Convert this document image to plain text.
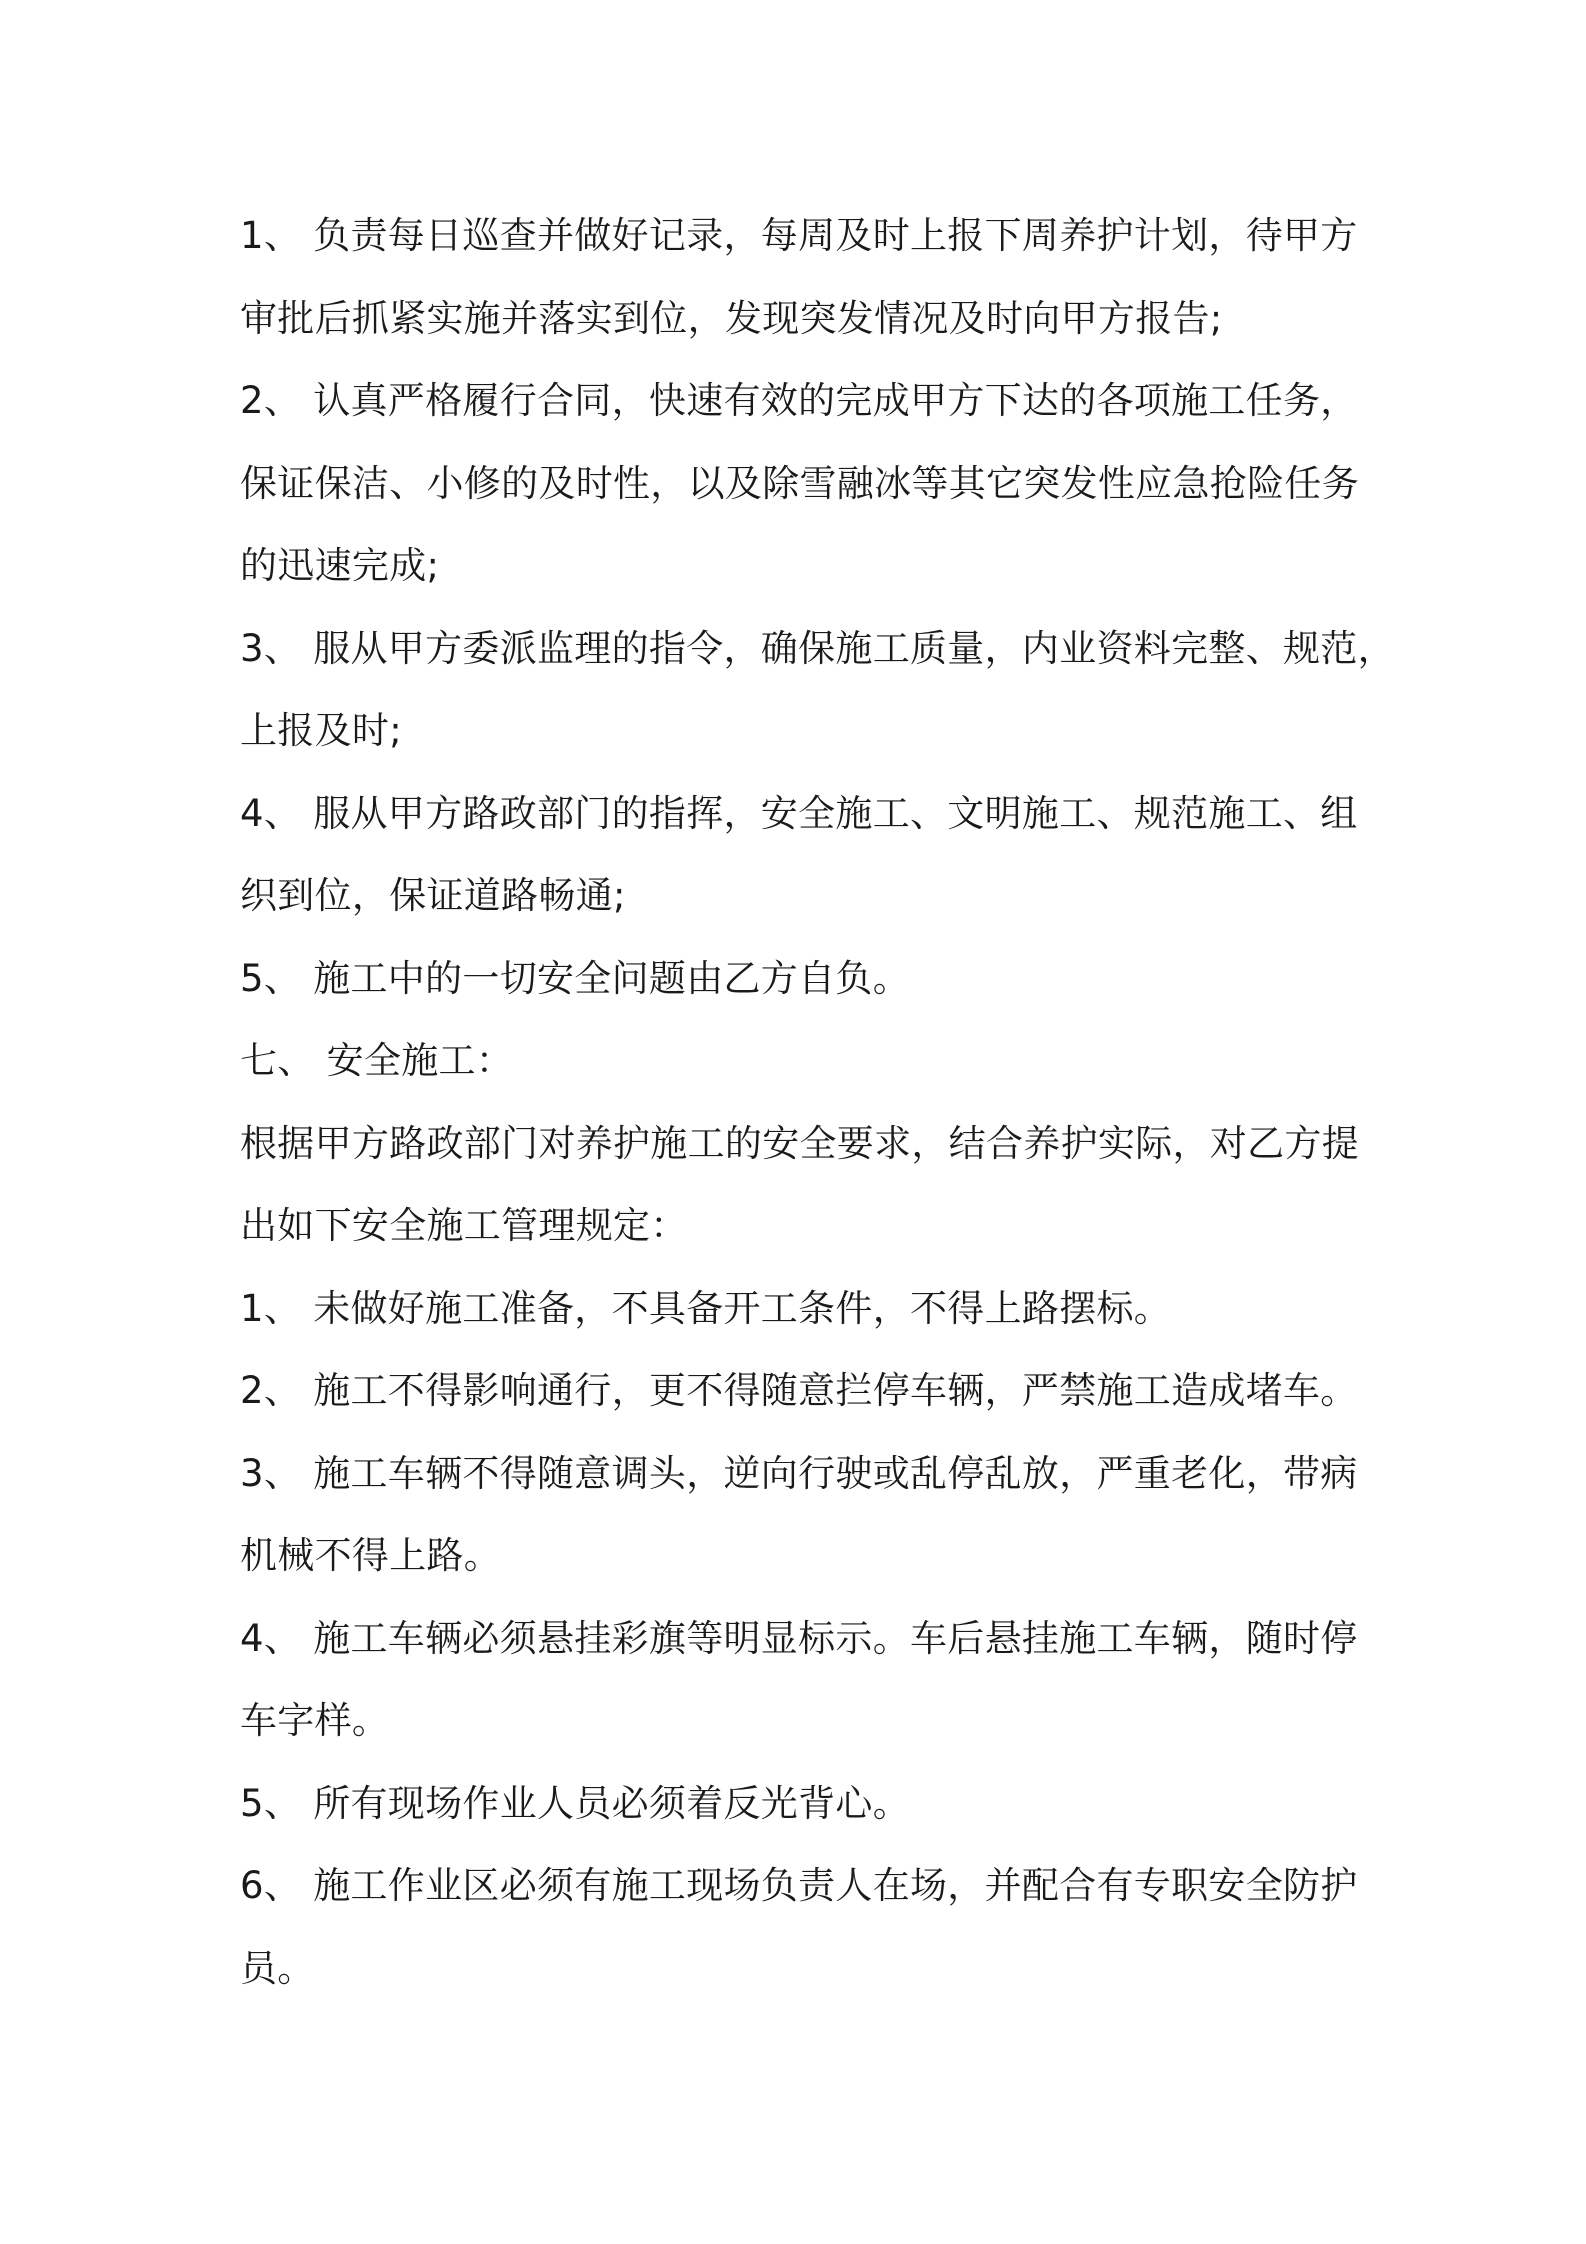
1、 负责每日巡查并做好记录，每周及时上报下周养护计划，待甲方
审批后抓紧实施并落实到位，发现突发情况及时向甲方报告;
2、 认真严格履行合同，快速有效的完成甲方下达的各项施工任务，
保证保洁、小修的及时性，以及除雪融冰等其它突发性应急抢险任务
的迅速完成;
3、 服从甲方委派监理的指令，确保施工质量，内业资料完整、规范，
上报及时;
4、 服从甲方路政部门的指挥，安全施工、文明施工、规范施工、组
织到位，保证道路畅通;
5、 施工中的一切安全问题由乙方自负。
七、 安全施工：
根据甲方路政部门对养护施工的安全要求，结合养护实际，对乙方提
出如下安全施工管理规定：
1、 未做好施工准备，不具备开工条件，不得上路摆标。
2、 施工不得影响通行，更不得随意拦停车辆，严禁施工造成堵车。
3、 施工车辆不得随意调头，逆向行驶或乱停乱放，严重老化，带病
机械不得上路。
4、 施工车辆必须悬挂彩旗等明显标示。车后悬挂施工车辆，随时停
车字样。
5、 所有现场作业人员必须着反光背心。
6、 施工作业区必须有施工现场负责人在场，并配合有专职安全防护
员。
